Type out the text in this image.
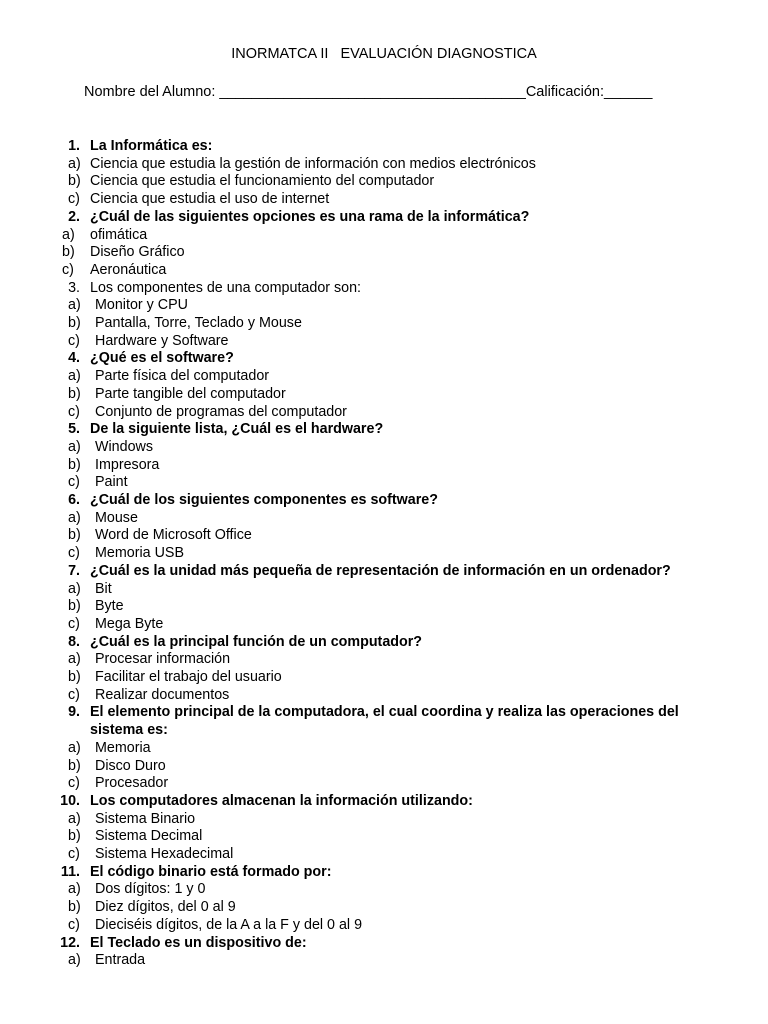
INORMATCA II   EVALUACIÓN DIAGNOSTICA
Nombre del Alumno: ______________________________________Calificación:______
1. La Informática es:
a) Ciencia que estudia la gestión de información con medios electrónicos
b) Ciencia que estudia el funcionamiento del computador
c) Ciencia que estudia el uso de internet
2. ¿Cuál de las siguientes opciones es una rama de la informática?
a) ofimática
b) Diseño Gráfico
c) Aeronáutica
3. Los componentes de una computador son:
a) Monitor y CPU
b) Pantalla, Torre, Teclado y Mouse
c) Hardware y Software
4. ¿Qué es el software?
a) Parte física del computador
b) Parte tangible del computador
c) Conjunto de programas del computador
5. De la siguiente lista, ¿Cuál es el hardware?
a) Windows
b) Impresora
c) Paint
6. ¿Cuál de los siguientes componentes es software?
a) Mouse
b) Word de Microsoft Office
c) Memoria USB
7. ¿Cuál es la unidad más pequeña de representación de información en un ordenador?
a) Bit
b) Byte
c) Mega Byte
8. ¿Cuál es la principal función de un computador?
a) Procesar información
b) Facilitar el trabajo del usuario
c) Realizar documentos
9. El elemento principal de la computadora, el cual coordina y realiza las operaciones del
sistema es:
a) Memoria
b) Disco Duro
c) Procesador
10. Los computadores almacenan la información utilizando:
a) Sistema Binario
b) Sistema Decimal
c) Sistema Hexadecimal
11. El código binario está formado por:
a) Dos dígitos: 1 y 0
b) Diez dígitos, del 0 al 9
c) Dieciséis dígitos, de la A a la F y del 0 al 9
12. El Teclado es un dispositivo de:
a) Entrada
